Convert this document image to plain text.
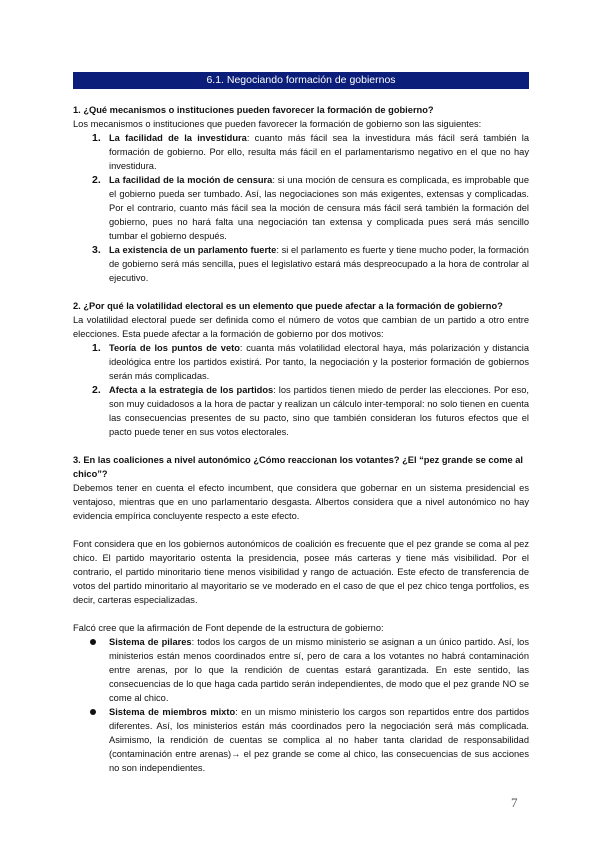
6.1. Negociando formación de gobiernos
1. ¿Qué mecanismos o instituciones pueden favorecer la formación de gobierno?

Los mecanismos o instituciones que pueden favorecer la formación de gobierno son las siguientes:

1. La facilidad de la investidura: cuanto más fácil sea la investidura más fácil será también la formación de gobierno. Por ello, resulta más fácil en el parlamentarismo negativo en el que no hay investidura.
2. La facilidad de la moción de censura: si una moción de censura es complicada, es improbable que el gobierno pueda ser tumbado. Así, las negociaciones son más exigentes, extensas y complicadas. Por el contrario, cuanto más fácil sea la moción de censura más fácil será también la formación del gobierno, pues no hará falta una negociación tan extensa y complicada pues será más sencillo tumbar el gobierno después.
3. La existencia de un parlamento fuerte: si el parlamento es fuerte y tiene mucho poder, la formación de gobierno será más sencilla, pues el legislativo estará más despreocupado a la hora de controlar al ejecutivo.
2. ¿Por qué la volatilidad electoral es un elemento que puede afectar a la formación de gobierno?

La volatilidad electoral puede ser definida como el número de votos que cambian de un partido a otro entre elecciones. Esta puede afectar a la formación de gobierno por dos motivos:

1. Teoría de los puntos de veto: cuanta más volatilidad electoral haya, más polarización y distancia ideológica entre los partidos existirá. Por tanto, la negociación y la posterior formación de gobiernos serán más complicadas.
2. Afecta a la estrategia de los partidos: los partidos tienen miedo de perder las elecciones. Por eso, son muy cuidadosos a la hora de pactar y realizan un cálculo inter-temporal: no solo tienen en cuenta las consecuencias presentes de su pacto, sino que también consideran los futuros efectos que el pacto puede tener en sus votos electorales.
3. En las coaliciones a nivel autonómico ¿Cómo reaccionan los votantes? ¿El “pez grande se come al chico”?

Debemos tener en cuenta el efecto incumbent, que considera que gobernar en un sistema presidencial es ventajoso, mientras que en uno parlamentario desgasta. Albertos considera que a nivel autonómico no hay evidencia empírica concluyente respecto a este efecto.

Font considera que en los gobiernos autonómicos de coalición es frecuente que el pez grande se coma al pez chico. El partido mayoritario ostenta la presidencia, posee más carteras y tiene más visibilidad. Por el contrario, el partido minoritario tiene menos visibilidad y rango de actuación. Este efecto de transferencia de votos del partido minoritario al mayoritario se ve moderado en el caso de que el pez chico tenga portfolios, es decir, carteras especializadas.

Falcó cree que la afirmación de Font depende de la estructura de gobierno:

Sistema de pilares: todos los cargos de un mismo ministerio se asignan a un único partido. Así, los ministerios están menos coordinados entre sí, pero de cara a los votantes no habrá contaminación entre arenas, por lo que la rendición de cuentas estará garantizada. En este sentido, las consecuencias de lo que haga cada partido serán independientes, de modo que el pez grande NO se come al chico.
Sistema de miembros mixto: en un mismo ministerio los cargos son repartidos entre dos partidos diferentes. Así, los ministerios están más coordinados pero la negociación será más complicada. Asimismo, la rendición de cuentas se complica al no haber tanta claridad de responsabilidad (contaminación entre arenas)→ el pez grande se come al chico, las consecuencias de sus acciones no son independientes.
7
